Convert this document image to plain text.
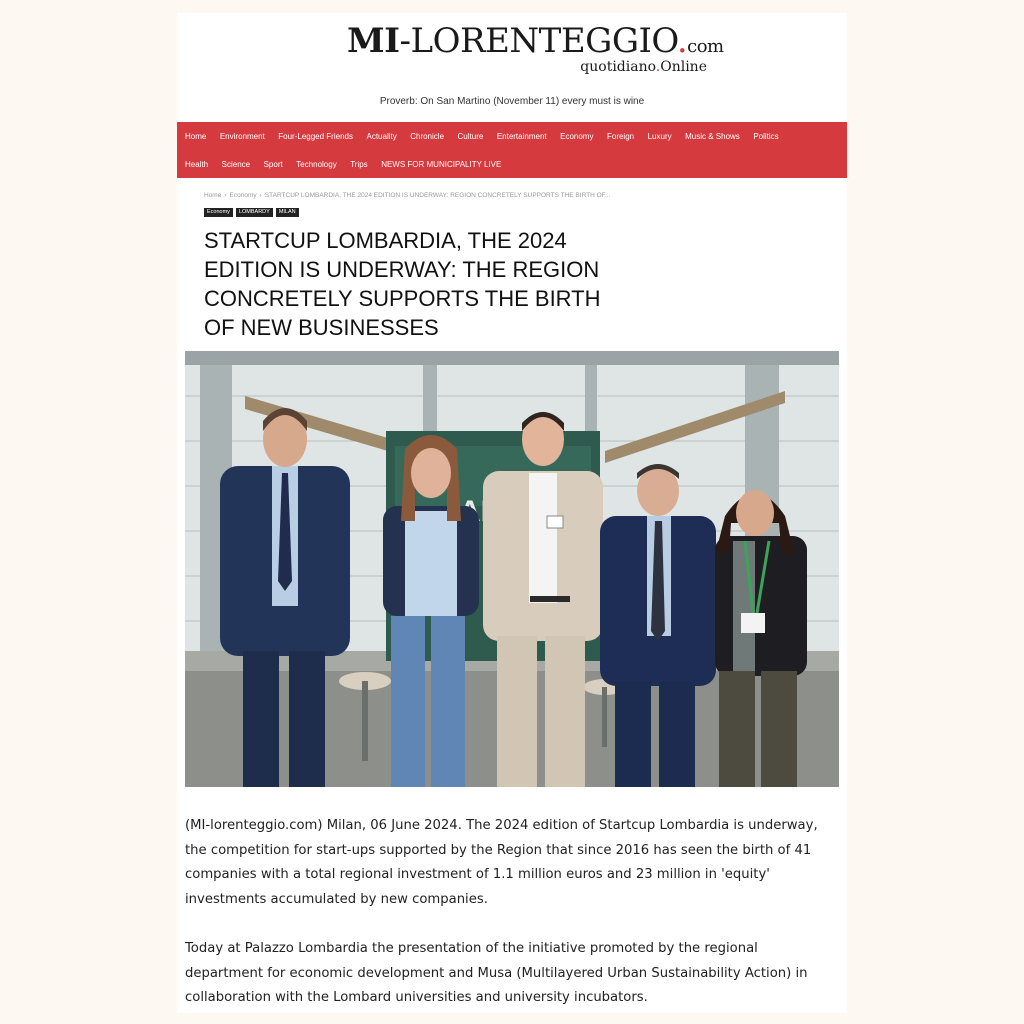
MI-LORENTEGGIO.com
quotidiano.Online
Proverb: On San Martino (November 11) every must is wine
Home Environment Four-Legged Friends Actuality Chronicle Culture Entertainment Economy Foreign Luxury Music & Shows Politics
Health Science Sport Technology Trips NEWS FOR MUNICIPALITY LIVE
Home › Economy › STARTCUP LOMBARDIA, THE 2024 EDITION IS UNDERWAY: REGION CONCRETELY SUPPORTS THE BIRTH OF...
Economy	LOMBARDY	MILAN
STARTCUP LOMBARDIA, THE 2024 EDITION IS UNDERWAY: THE REGION CONCRETELY SUPPORTS THE BIRTH OF NEW BUSINESSES

(MI-lorenteggio.com) Milan, 06 June 2024. The 2024 edition of Startcup Lombardia is underway, the competition for start-ups supported by the Region that since 2016 has seen the birth of 41 companies with a total regional investment of 1.1 million euros and 23 million in 'equity' investments accumulated by new companies.

Today at Palazzo Lombardia the presentation of the initiative promoted by the regional department for economic development and Musa (Multilayered Urban Sustainability Action) in collaboration with the Lombard universities and university incubators.
